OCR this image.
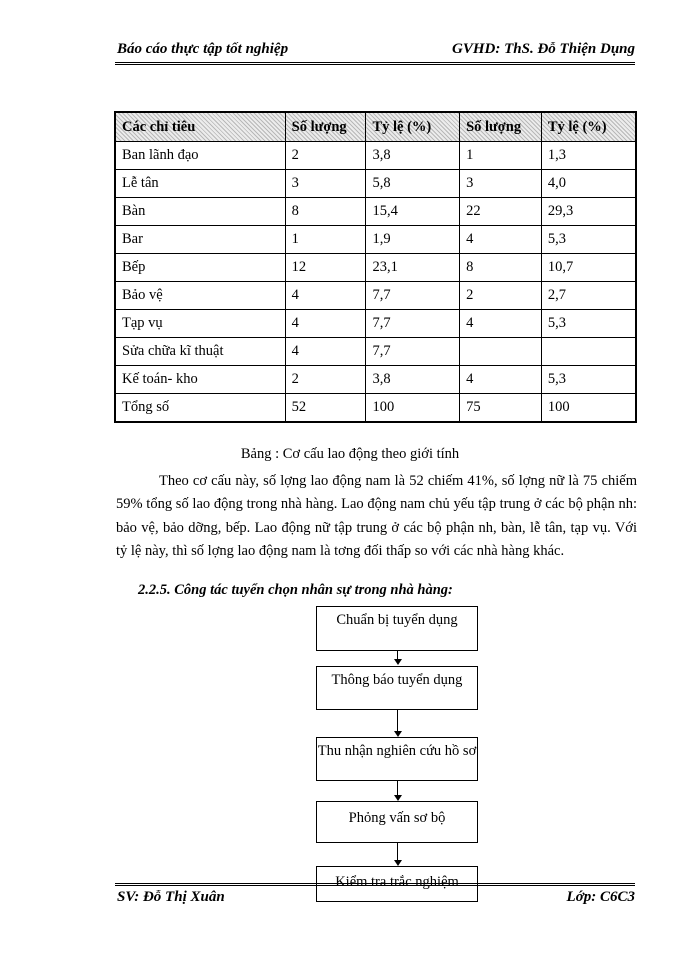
Báo cáo thực tập tốt nghiệp	GVHD: ThS. Đỗ Thiện Dụng
Các chỉ tiêu	Số lượng	Tỷ lệ (%)	Số lượng	Tỷ lệ (%)
Ban lãnh đạo	2	3,8	1	1,3
Lễ tân	3	5,8	3	4,0
Bàn	8	15,4	22	29,3
Bar	1	1,9	4	5,3
Bếp	12	23,1	8	10,7
Bảo vệ	4	7,7	2	2,7
Tạp vụ	4	7,7	4	5,3
Sửa chữa kĩ thuật	4	7,7		
Kế toán- kho	2	3,8	4	5,3
Tổng số	52	100	75	100
Bảng : Cơ cấu lao động theo giới tính

Theo cơ cấu này, số lợng lao động nam là 52 chiếm 41%, số lợng nữ là 75 chiếm 59% tổng số lao động trong nhà hàng. Lao động nam chủ yếu tập trung ở các bộ phận nh: bảo vệ, bảo dỡng, bếp. Lao động nữ tập trung ở các bộ phận nh, bàn, lễ tân, tạp vụ. Với tỷ lệ này, thì số lợng lao động nam là tơng đối thấp so với các nhà hàng khác.

2.2.5. Công tác tuyển chọn nhân sự trong nhà hàng:
Chuẩn bị tuyển dụng
Thông báo tuyển dụng
Thu nhận nghiên cứu hồ sơ
Phỏng vấn sơ bộ
Kiểm tra trắc nghiệm
SV: Đỗ Thị Xuân	Lớp: C6C3
